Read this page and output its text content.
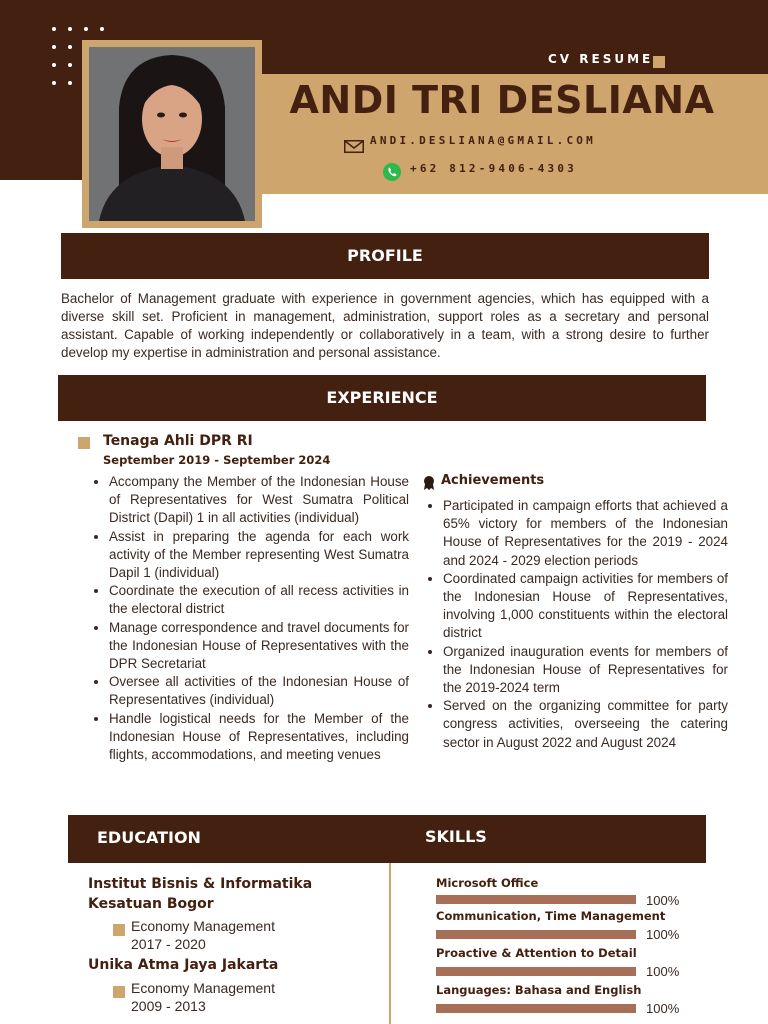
CV RESUME
ANDI TRI DESLIANA
ANDI.DESLIANA@GMAIL.COM
+62 812-9406-4303
PROFILE
Bachelor of Management graduate with experience in government agencies, which has equipped with a diverse skill set. Proficient in management, administration, support roles as a secretary and personal assistant. Capable of working independently or collaboratively in a team, with a strong desire to further develop my expertise in administration and personal assistance.
EXPERIENCE
Tenaga Ahli DPR RI
September 2019 - September 2024
• Accompany the Member of the Indonesian House of Representatives for West Sumatra Political District (Dapil) 1 in all activities (individual)
• Assist in preparing the agenda for each work activity of the Member representing West Sumatra Dapil 1 (individual)
• Coordinate the execution of all recess activities in the electoral district
• Manage correspondence and travel documents for the Indonesian House of Representatives with the DPR Secretariat
• Oversee all activities of the Indonesian House of Representatives (individual)
• Handle logistical needs for the Member of the Indonesian House of Representatives, including flights, accommodations, and meeting venues
Achievements
• Participated in campaign efforts that achieved a 65% victory for members of the Indonesian House of Representatives for the 2019 - 2024 and 2024 - 2029 election periods
• Coordinated campaign activities for members of the Indonesian House of Representatives, involving 1,000 constituents within the electoral district
• Organized inauguration events for members of the Indonesian House of Representatives for the 2019-2024 term
• Served on the organizing committee for party congress activities, overseeing the catering sector in August 2022 and August 2024
EDUCATION	SKILLS
Institut Bisnis & Informatika Kesatuan Bogor
Economy Management
2017 - 2020
Unika Atma Jaya Jakarta
Economy Management
2009 - 2013
Microsoft Office
100%
Communication, Time Management
100%
Proactive & Attention to Detail
100%
Languages: Bahasa and English
100%
